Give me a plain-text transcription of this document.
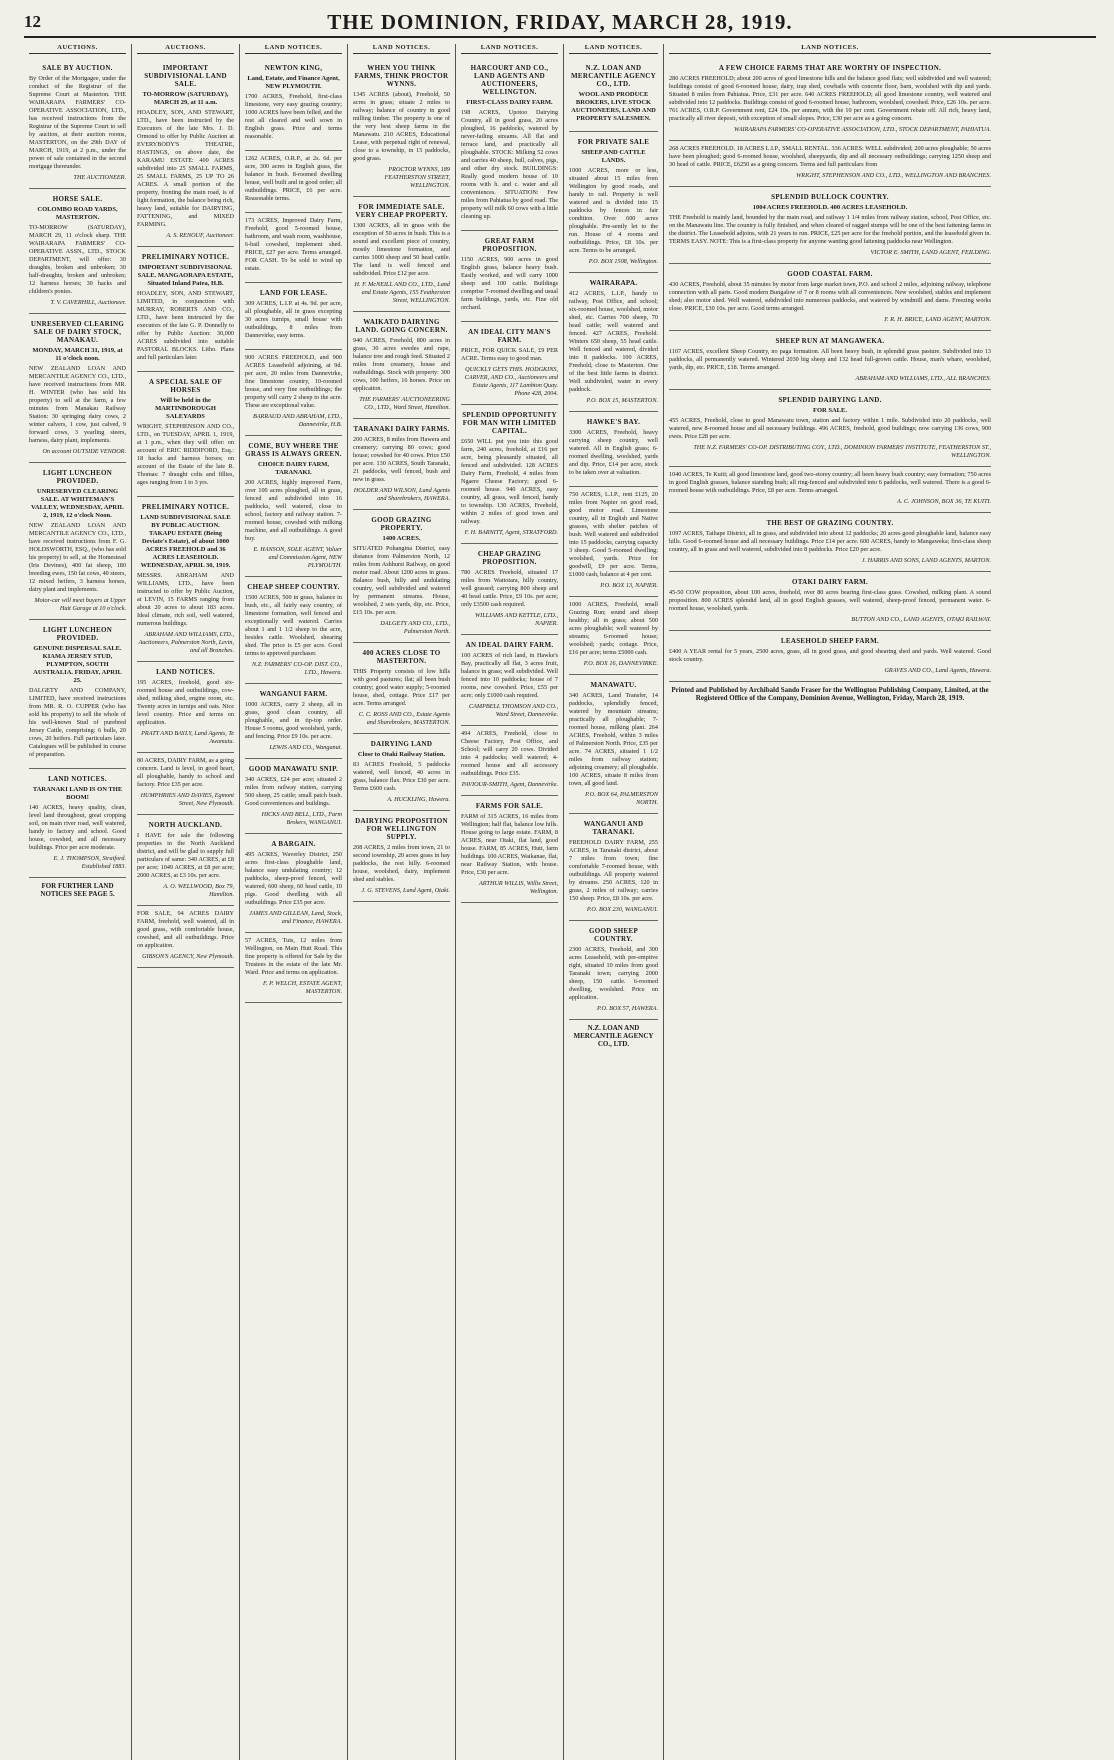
12	THE DOMINION, FRIDAY, MARCH 28, 1919.
AUCTIONS.
SALE BY AUCTION.

By Order of the Mortgagee, under the conduct of the Registrar of the Supreme Court at Masterton. THE WAIRARAPA FARMERS' CO-OPERATIVE ASSOCIATION, LTD., has received instructions from the Registrar of the Supreme Court to sell by auction, at their auction rooms, MASTERTON, on the 29th DAY of MARCH, 1919, at 2 p.m., under the power of sale contained in the second mortgage thereunder.

THE AUCTIONEER.
HORSE SALE.
COLOMBO ROAD YARDS, MASTERTON.

TO-MORROW (SATURDAY), MARCH 29, 11 o'clock sharp. THE WAIRARAPA FARMERS' CO-OPERATIVE ASSN., LTD., STOCK DEPARTMENT, will offer: 30 draughts, broken and unbroken; 30 half-draughts, broken and unbroken; 12 harness horses; 30 hacks and children's ponies.

T. V. CAVERHILL, Auctioneer.
UNRESERVED CLEARING SALE OF DAIRY STOCK, MANAKAU.
MONDAY, MARCH 31, 1919, at 11 o'clock noon.

NEW ZEALAND LOAN AND MERCANTILE AGENCY CO., LTD., have received instructions from MR. H. WINTER (who has sold his property) to sell at the farm, a few minutes from Manakau Railway Station: 30 springing dairy cows, 2 winter calvers, 1 cow, just calved, 9 forward cows, 3 yearling steers, harness, dairy plant, implements.

On account OUTSIDE VENDOR.
LIGHT LUNCHEON PROVIDED.
UNRESERVED CLEARING SALE. AT WHITEMAN'S VALLEY, WEDNESDAY, APRIL 2, 1919, 12 o'clock Noon.

NEW ZEALAND LOAN AND MERCANTILE AGENCY CO., LTD., have received instructions from F. G. HOLDSWORTH, ESQ., (who has sold his property) to sell, at the Homestead (Iris Devines), 400 fat sheep, 180 breeding ewes, 150 fat cows, 40 steers, 12 mixed heifers, 3 harness horses, dairy plant and implements.

Motor-car will meet buyers at Upper Hutt Garage at 10 o'clock.
LIGHT LUNCHEON PROVIDED.
GENUINE DISPERSAL SALE. KIAMA JERSEY STUD, PLYMPTON, SOUTH AUSTRALIA. FRIDAY, APRIL 25.

DALGETY AND COMPANY, LIMITED, have received instructions from MR. R. O. CUPPER (who has sold his property) to sell the whole of his well-known Stud of purebred Jersey Cattle, comprising: 6 bulls, 20 cows, 20 heifers. Full particulars later. Catalogues will be published in course of preparation.

LAND NOTICES.
TARANAKI LAND IS ON THE BOOM!

140 ACRES, heavy quality, clean, level land throughout, great cropping soil, on main river road, well watered, handy to factory and school. Good house, cowshed, and all necessary buildings. Price per acre moderate.

E. J. THOMPSON, Stratford. Established 1883.
FOR FURTHER LAND NOTICES SEE PAGE 5.
AUCTIONS.
IMPORTANT SUBDIVISIONAL LAND SALE.
TO-MORROW (SATURDAY), MARCH 29, at 11 a.m.

HOADLEY, SON, AND STEWART, LTD., have been instructed by the Executors of the late Mrs. J. D. Ormond to offer by Public Auction at EVERYBODY'S THEATRE, HASTINGS, on above date, the KARAMU ESTATE: 400 ACRES subdivided into 25 SMALL FARMS, 25 SMALL FARMS, 25 UP TO 26 ACRES. A small portion of the property, fronting the main road, is of light formation, the balance being rich, heavy land, suitable for DAIRYING, FATTENING, and MIXED FARMING.

A. S. RENOUF, Auctioneer.
PRELIMINARY NOTICE.
IMPORTANT SUBDIVISIONAL SALE. MANGAORAPA ESTATE, Situated Inland Patea, H.B.

HOADLEY, SON, AND STEWART, LIMITED, in conjunction with MURRAY, ROBERTS AND CO., LTD., have been instructed by the executors of the late G. P. Donnelly to offer by Public Auction: 30,000 ACRES subdivided into suitable PASTORAL BLOCKS. Litho. Plans and full particulars later.

A SPECIAL SALE OF HORSES
Will be held in the MARTINBOROUGH SALEYARDS

WRIGHT, STEPHENSON AND CO., LTD., on TUESDAY, APRIL 1, 1919, at 1 p.m., when they will offer: on account of ERIC RIDDIFORD, Esq.: 18 hacks and harness horses; on account of the Estate of the late R. Thomas: 7 draught colts and fillies, ages ranging from 1 to 3 yrs.

PRELIMINARY NOTICE.
LAND SUBDIVISIONAL SALE BY PUBLIC AUCTION. TAKAPU ESTATE (Being Deviate's Estate), of about 1000 ACRES FREEHOLD and 36 ACRES LEASEHOLD. WEDNESDAY, APRIL 30, 1919.

MESSRS. ABRAHAM AND WILLIAMS, LTD., have been instructed to offer by Public Auction, at LEVIN, 15 FARMS ranging from about 20 acres to about 183 acres. Ideal climate, rich soil, well watered, numerous buildings.

ABRAHAM AND WILLIAMS, LTD., Auctioneers, Palmerston North, Levin, and all Branches.
LAND NOTICES.

195 ACRES, freehold, good six-roomed house and outbuildings, cow-shed, milking shed, engine room, etc. Twenty acres in turnips and oats. Nice level country. Price and terms on application.

PRATT AND BAYLY, Land Agents, Te Awamutu.

80 ACRES, DAIRY FARM, as a going concern. Land is level, in good heart, all ploughable, handy to school and factory. Price £35 per acre.

HUMPHRIES AND DAVIES, Egmont Street, New Plymouth.
NORTH AUCKLAND.

I HAVE for sale the following properties in the North Auckland district, and will be glad to supply full particulars of same: 340 ACRES, at £8 per acre; 1049 ACRES, at £8 per acre; 2000 ACRES, at £3 10s. per acre.

A. O. WELLWOOD, Box 79, Hamilton.

FOR SALE, 94 ACRES DAIRY FARM, freehold, well watered, all in good grass, with comfortable house, cowshed, and all outbuildings. Price on application.

GIBSON'S AGENCY, New Plymouth.
LAND NOTICES.
NEWTON KING,
Land, Estate, and Finance Agent, NEW PLYMOUTH.

1700 ACRES, Freehold, first-class limestone, very easy grazing country; 1000 ACRES have been felled, and the rest all cleared and well sown in English grass. Price and terms reasonable.

1262 ACRES, O.R.P., at 2s. 6d. per acre, 300 acres in English grass, the balance in bush. 8-roomed dwelling house, well built and in good order; all outbuildings. PRICE, £6 per acre. Reasonable terms.

173 ACRES, Improved Dairy Farm, Freehold, good 5-roomed house, bathroom, and wash room, washhouse, 6-bail cowshed, implement shed. PRICE, £27 per acre. Terms arranged. FOR CASH. To be sold to wind up estate.

LAND FOR LEASE.

309 ACRES, L.I.P. at 4s. 9d. per acre, all ploughable, all in grass excepting 30 acres turnips, small house with outbuildings, 8 miles from Dannevirke, easy terms.

900 ACRES FREEHOLD, and 900 ACRES Leasehold adjoining, at 9d. per acre, 20 miles from Dannevirke, fine limestone country, 10-roomed house, and very fine outbuildings; the property will carry 2 sheep to the acre. These are exceptional value.

BARRAUD AND ABRAHAM, LTD., Dannevirke, H.B.
COME, BUY WHERE THE GRASS IS ALWAYS GREEN.
CHOICE DAIRY FARM, TARANAKI.

200 ACRES, highly improved Farm, over 100 acres ploughed, all in grass, fenced and subdivided into 16 paddocks, well watered, close to school, factory and railway station. 7-roomed house, cowshed with milking machine, and all outbuildings. A good buy.

E. HANSON, SOLE AGENT, Valuer and Commission Agent, NEW PLYMOUTH.
CHEAP SHEEP COUNTRY.

1500 ACRES, 500 in grass, balance in bush, etc., all fairly easy country, of limestone formation, well fenced and exceptionally well watered. Carries about 1 and 1 1/2 sheep to the acre, besides cattle. Woolshed, shearing shed. The price is £5 per acre. Good terms to approved purchaser.

N.Z. FARMERS' CO-OP. DIST. CO., LTD., Hawera.
WANGANUI FARM.

1000 ACRES, carry 2 sheep, all in grass, good clean country, all ploughable, and in tip-top order. House 5 rooms, good woolshed, yards, and fencing. Price £9 10s. per acre.

LEWIS AND CO., Wanganui.
GOOD MANAWATU SNIP.

340 ACRES, £24 per acre; situated 2 miles from railway station, carrying 500 sheep, 25 cattle; small patch bush. Good conveniences and buildings.

HICKS AND BELL, LTD., Farm Brokers, WANGANUI.
A BARGAIN.

495 ACRES, Waverley District, 250 acres first-class ploughable land, balance easy undulating country; 12 paddocks, sheep-proof fenced, well watered, 600 sheep, 60 head cattle, 10 pigs. Good dwelling with all outbuildings. Price £35 per acre.

JAMES AND GILLEAN, Land, Stock, and Finance, HAWERA.

57 ACRES, Tuis, 12 miles from Wellington, on Main Hutt Road. This fine property is offered for Sale by the Trustees in the estate of the late Mr. Ward. Price and terms on application.

F. P. WELCH, ESTATE AGENT, MASTERTON.
LAND NOTICES.
WHEN YOU THINK FARMS, THINK PROCTOR WYNNS.

1345 ACRES (about), Freehold, 50 acres in grass; situate 2 miles to railway; balance of country in good milling timber. The property is one of the very best sheep farms in the Manawatu. 210 ACRES, Educational Lease, with perpetual right of renewal, close to a township, in 15 paddocks, good grass.

PROCTOR WYNNS, 189 FEATHERSTON STREET, WELLINGTON.
FOR IMMEDIATE SALE. VERY CHEAP PROPERTY.

1300 ACRES, all in grass with the exception of 50 acres in bush. This is a sound and excellent piece of country, mostly limestone formation, and carries 1000 sheep and 50 head cattle. The land is well fenced and subdivided. Price £12 per acre.

H. F. McNEILL AND CO., LTD., Land and Estate Agents, 155 Featherston Street, WELLINGTON.
WAIKATO DAIRYING LAND. GOING CONCERN.

940 ACRES, Freehold, 800 acres in grass, 30 acres swedes and rape, balance tree and rough feed. Situated 2 miles from creamery, house and outbuildings. Stock with property: 300 cows, 100 heifers, 16 horses. Price on application.

THE FARMERS' AUCTIONEERING CO., LTD., Ward Street, Hamilton.
TARANAKI DAIRY FARMS.

200 ACRES, 8 miles from Hawera and creamery; carrying 80 cows; good house; cowshed for 40 cows. Price £50 per acre. 130 ACRES, South Taranaki, 21 paddocks, well fenced, bush and new in grass.

HOLDER AND WILSON, Land Agents and Sharebrokers, HAWERA.
GOOD GRAZING PROPERTY.
1400 ACRES.

SITUATED Pohangina District, easy distance from Palmerston North, 12 miles from Ashhurst Railway, on good motor road. About 1200 acres in grass. Balance bush, hilly and undulating country, well subdivided and watered by permanent streams. House, woolshed, 2 sets yards, dip, etc. Price, £15 10s. per acre.

DALGETY AND CO., LTD., Palmerston North.
400 ACRES CLOSE TO MASTERTON.

THIS Property consists of low hills with good pastures; flat; all been bush country; good water supply; 5-roomed house, shed, cottage. Price £17 per acre. Terms arranged.

C. C. ROSS AND CO., Estate Agents and Sharebrokers, MASTERTON.
DAIRYING LAND
Close to Otaki Railway Station.

83 ACRES Freehold, 5 paddocks watered, well fenced, 40 acres in grass, balance flax. Price £30 per acre. Terms £600 cash.

A. HUCKLING, Hawera.
DAIRYING PROPOSITION FOR WELLINGTON SUPPLY.

208 ACRES, 2 miles from town, 21 to second township, 20 acres grass in hay paddocks, the rest hilly. 6-roomed house, woolshed, dairy, implement shed and stables.

J. G. STEVENS, Land Agent, Otaki.
LAND NOTICES.
HARCOURT AND CO., LAND AGENTS AND AUCTIONEERS, WELLINGTON.
FIRST-CLASS DAIRY FARM.

198 ACRES, Upotoo Dairying Country, all in good grass, 20 acres ploughed, 16 paddocks, watered by never-failing streams. All flat and terrace land, and practically all ploughable. STOCK: Milking 52 cows and carries 40 sheep, bull, calves, pigs, and other dry stock. BUILDINGS: Really good modern house of 10 rooms with h. and c. water and all conveniences. SITUATION: Few miles from Pahiatua by good road. The property will milk 60 cows with a little cleaning up.

GREAT FARM PROPOSITION.

1150 ACRES, 900 acres in good English grass, balance heavy bush. Easily worked, and will carry 1000 sheep and 100 cattle. Buildings comprise 7-roomed dwelling and usual farm buildings, yards, etc. Fine old orchard.

AN IDEAL CITY MAN'S FARM.

PRICE, FOR QUICK SALE, £9 PER ACRE. Terms easy to good man.

QUICKLY GETS THIS. HODGKINS, CARVER, AND CO., Auctioneers and Estate Agents, 117 Lambton Quay. Phone 428, 2004.
SPLENDID OPPORTUNITY FOR MAN WITH LIMITED CAPITAL.

£650 WILL put you into this good farm, 240 acres, freehold, at £16 per acre, being pleasantly situated, all fenced and subdivided. 128 ACRES Dairy Farm, Freehold, 4 miles from Ngaere Cheese Factory; good 6-roomed house. 940 ACRES, easy country, all grass, well fenced, handy to township. 130 ACRES, Freehold, within 2 miles of good town and railway.

F. H. BARNITT, Agent, STRATFORD.
CHEAP GRAZING PROPOSITION.

780 ACRES Freehold, situated 17 miles from Waitotara, hilly country, well grassed; carrying 800 sheep and 40 head cattle. Price, £9 10s. per acre; only £3500 cash required.

WILLIAMS AND KETTLE, LTD., NAPIER.
AN IDEAL DAIRY FARM.

100 ACRES of rich land, in Hawke's Bay, practically all flat, 3 acres fruit, balance in grass; well subdivided. Well fenced into 10 paddocks; house of 7 rooms, new cowshed. Price, £55 per acre; only £1000 cash required.

CAMPBELL THOMSON AND CO., Ward Street, Dannevirke.

494 ACRES, Freehold, close to Cheese Factory, Post Office, and School; will carry 20 cows. Divided into 4 paddocks; well watered; 4-roomed house and all accessory outbuildings. Price £35.

PAVIOUR-SMITH, Agent, Dannevirke.
FARMS FOR SALE.

FARM of 315 ACRES, 16 miles from Wellington; half flat, balance low hills. House going to large estate. FARM, 8 ACRES, near Otaki, flat land, good house. FARM, 85 ACRES, Hutt, farm buildings. 100 ACRES, Waikanae, flat, near Railway Station, with house. Price, £30 per acre.

ARTHUR WILLIS, Willis Street, Wellington.
LAND NOTICES.
N.Z. LOAN AND MERCANTILE AGENCY CO., LTD.
WOOL AND PRODUCE BROKERS, LIVE STOCK AUCTIONEERS, LAND AND PROPERTY SALESMEN.
FOR PRIVATE SALE
SHEEP AND CATTLE LANDS.

1000 ACRES, more or less, situated about 15 miles from Wellington by good roads, and handy to rail. Property is well watered and is divided into 15 paddocks by fences in fair condition. Over 600 acres ploughable. Pre-sently let to the run. House of 4 rooms and outbuildings. Price, £8 10s. per acre. Terms to be arranged.

P.O. BOX 1508, Wellington.
WAIRARAPA.

412 ACRES, L.I.P., handy to railway, Post Office, and school; six-roomed house, woolshed, motor shed, etc. Carries 700 sheep, 70 head cattle; well watered and fenced. 427 ACRES, Freehold. Winters 650 sheep, 55 head cattle. Well fenced and watered, divided into 8 paddocks. 100 ACRES, Freehold, close to Masterton. One of the best little farms in district. Well subdivided, water in every paddock.

P.O. BOX 15, MASTERTON.
HAWKE'S BAY.

3300 ACRES, Freehold, heavy carrying sheep country, well watered. All in English grass; 6-roomed dwelling, woolshed, yards and dip. Price, £14 per acre, stock to be taken over at valuation.

750 ACRES, L.I.P., rent £125, 20 miles from Napier on good road, good motor road. Limestone country, all in English and Native grasses, with shelter patches of bush. Well watered and subdivided into 15 paddocks, carrying capacity 3 sheep. Good 5-roomed dwelling; woolshed, yards. Price for goodwill, £9 per acre. Terms, £1000 cash, balance at 4 per cent.

P.O. BOX 13, NAPIER.

1000 ACRES, Freehold, small Grazing Run; sound and sheep healthy; all in grass; about 500 acres ploughable; well watered by streams; 6-roomed house; woolshed; yards; cottage. Price, £16 per acre; terms £5000 cash.

P.O. BOX 16, DANNEVIRKE.
MANAWATU.

340 ACRES, Land Transfer, 14 paddocks, splendidly fenced, watered by mountain streams; practically all ploughable; 7-roomed house, milking plant. 264 ACRES, Freehold, within 3 miles of Palmerston North. Price, £35 per acre. 74 ACRES, situated 1 1/2 miles from railway station; adjoining creamery; all ploughable. 100 ACRES, situate 8 miles from town, all good land.

P.O. BOX 64, PALMERSTON NORTH.
WANGANUI AND TARANAKI.

FREEHOLD DAIRY FARM, 255 ACRES, in Taranaki district, about 7 miles from town; fine comfortable 7-roomed house, with outbuildings. All property watered by streams. 250 ACRES, 120 in grass, 2 miles of railway; carries 150 sheep. Price, £8 10s. per acre.

P.O. BOX 230, WANGANUI.
GOOD SHEEP COUNTRY.

2300 ACRES, Freehold, and 300 acres Leasehold, with pre-emptive right, situated 10 miles from good Taranaki town; carrying 2000 sheep, 150 cattle. 6-roomed dwelling, woolshed. Price on application.

P.O. BOX 57, HAWERA.
N.Z. LOAN AND MERCANTILE AGENCY CO., LTD.
LAND NOTICES.
A FEW CHOICE FARMS THAT ARE WORTHY OF INSPECTION.

280 ACRES FREEHOLD; about 200 acres of good limestone hills and the balance good flats; well subdivided and well watered; buildings consist of good 6-roomed house, dairy, trap shed, cowbails with concrete floor, barn, woolshed with dip and yards. Situated 8 miles from Pahiatua. Price, £31 per acre. 640 ACRES FREEHOLD; all good limestone country, well watered and subdivided into 12 paddocks. Buildings consist of good 6-roomed house, bathroom, woolshed, cowshed. Price, £26 10s. per acre. 761 ACRES, O.R.P. Government rent, £24 10s. per annum, with the 10 per cent. Government rebate off. All rich, heavy land, practically all river deposit, with exception of small slopes. Price, £30 per acre as a going concern.

WAIRARAPA FARMERS' CO-OPERATIVE ASSOCIATION, LTD., STOCK DEPARTMENT, PAHIATUA.

268 ACRES FREEHOLD. 18 ACRES L.I.P., SMALL RENTAL. 336 ACRES: WELL subdivided; 200 acres ploughable; 50 acres have been ploughed; good 6-roomed house, woolshed, sheepyards, dip and all necessary outbuildings; carrying 1250 sheep and 30 head of cattle. PRICE, £6250 as a going concern. Terms and full particulars from

WRIGHT, STEPHENSON AND CO., LTD., WELLINGTON AND BRANCHES.
SPLENDID BULLOCK COUNTRY.
1004 ACRES FREEHOLD. 400 ACRES LEASEHOLD.

THE Freehold is mainly land, bounded by the main road, and railway 1 1/4 miles from railway station, school, Post Office, etc. on the Manawatu line. The country is fully finished, and when cleared of ragged stumps will be one of the best fattening farms in the district. The Leasehold adjoins, with 21 years to run. PRICE, £25 per acre for the freehold portion, and the leasehold given in. TERMS EASY. NOTE: This is a first-class property for anyone wanting good fattening paddocks near Wellington.

VICTOR E. SMITH, LAND AGENT, FEILDING.
GOOD COASTAL FARM.

430 ACRES, Freehold, about 35 minutes by motor from large market town, P.O. and school 2 miles, adjoining railway, telephone connection with all parts. Good modern Bungalow of 7 or 8 rooms with all conveniences. New woolshed, stables and implement shed; also motor shed. Well watered, subdivided into numerous paddocks, and watered by windmill and dams. Freezing works close. PRICE, £30 10s. per acre. Good terms arranged.

F. R. H. BRICE, LAND AGENT, MARTON.
SHEEP RUN AT MANGAWEKA.

1107 ACRES, excellent Sheep Country, no paga formation. All been heavy bush, in splendid grass pasture. Subdivided into 13 paddocks, all permanently watered. Wintered 2030 big sheep and 132 head full-grown cattle. House, man's whare, woolshed, yards, dip, etc. PRICE, £18. Terms arranged.

ABRAHAM AND WILLIAMS, LTD., ALL BRANCHES.
SPLENDID DAIRYING LAND.
FOR SALE.

455 ACRES, Freehold, close to good Manawatu town, station and factory within 1 mile. Subdivided into 20 paddocks, well watered, new 8-roomed house and all necessary buildings. 496 ACRES, freehold, good buildings; now carrying 136 cows, 900 ewes. Price £28 per acre.

THE N.Z. FARMERS' CO-OP. DISTRIBUTING COY., LTD., DOMINION FARMERS' INSTITUTE, FEATHERSTON ST., WELLINGTON.

1040 ACRES, Te Kuiti; all good limestone land, good two-storey country; all been heavy bush country; easy formation; 750 acres in good English grasses, balance standing bush; all ring-fenced and subdivided into 6 paddocks, well watered. There is a good 6-roomed house with outbuildings. Price, £8 per acre. Terms arranged.

A. C. JOHNSON, BOX 36, TE KUITI.
THE BEST OF GRAZING COUNTRY.

1097 ACRES, Taihape District, all in grass, and subdivided into about 12 paddocks; 20 acres good ploughable land, balance easy hills. Good 6-roomed house and all necessary buildings. Price £14 per acre. 600 ACRES, handy to Mangaweka; first-class sheep country, all in grass and well watered, subdivided into 8 paddocks. Price £20 per acre.

J. HARRIS AND SONS, LAND AGENTS, MARTON.
OTAKI DAIRY FARM.

45-50 COW proposition, about 100 acres, freehold, over 80 acres bearing first-class grass. Cowshed, milking plant. A sound proposition. 800 ACRES splendid land, all in good English grasses, well watered, sheep-proof fenced, permanent water. 6-roomed house, woolshed, yards.

BUTTON AND CO., LAND AGENTS, OTAKI RAILWAY.
LEASEHOLD SHEEP FARM.

£400 A YEAR rental for 5 years, 2500 acres, grass, all in good grass, and good shearing shed and yards. Well watered. Good stock country.

GRAVES AND CO., Land Agents, Hawera.
Printed and Published by Archibald Sando Fraser for the Wellington Publishing Company, Limited, at the Registered Office of the Company, Dominion Avenue, Wellington, Friday, March 28, 1919.
